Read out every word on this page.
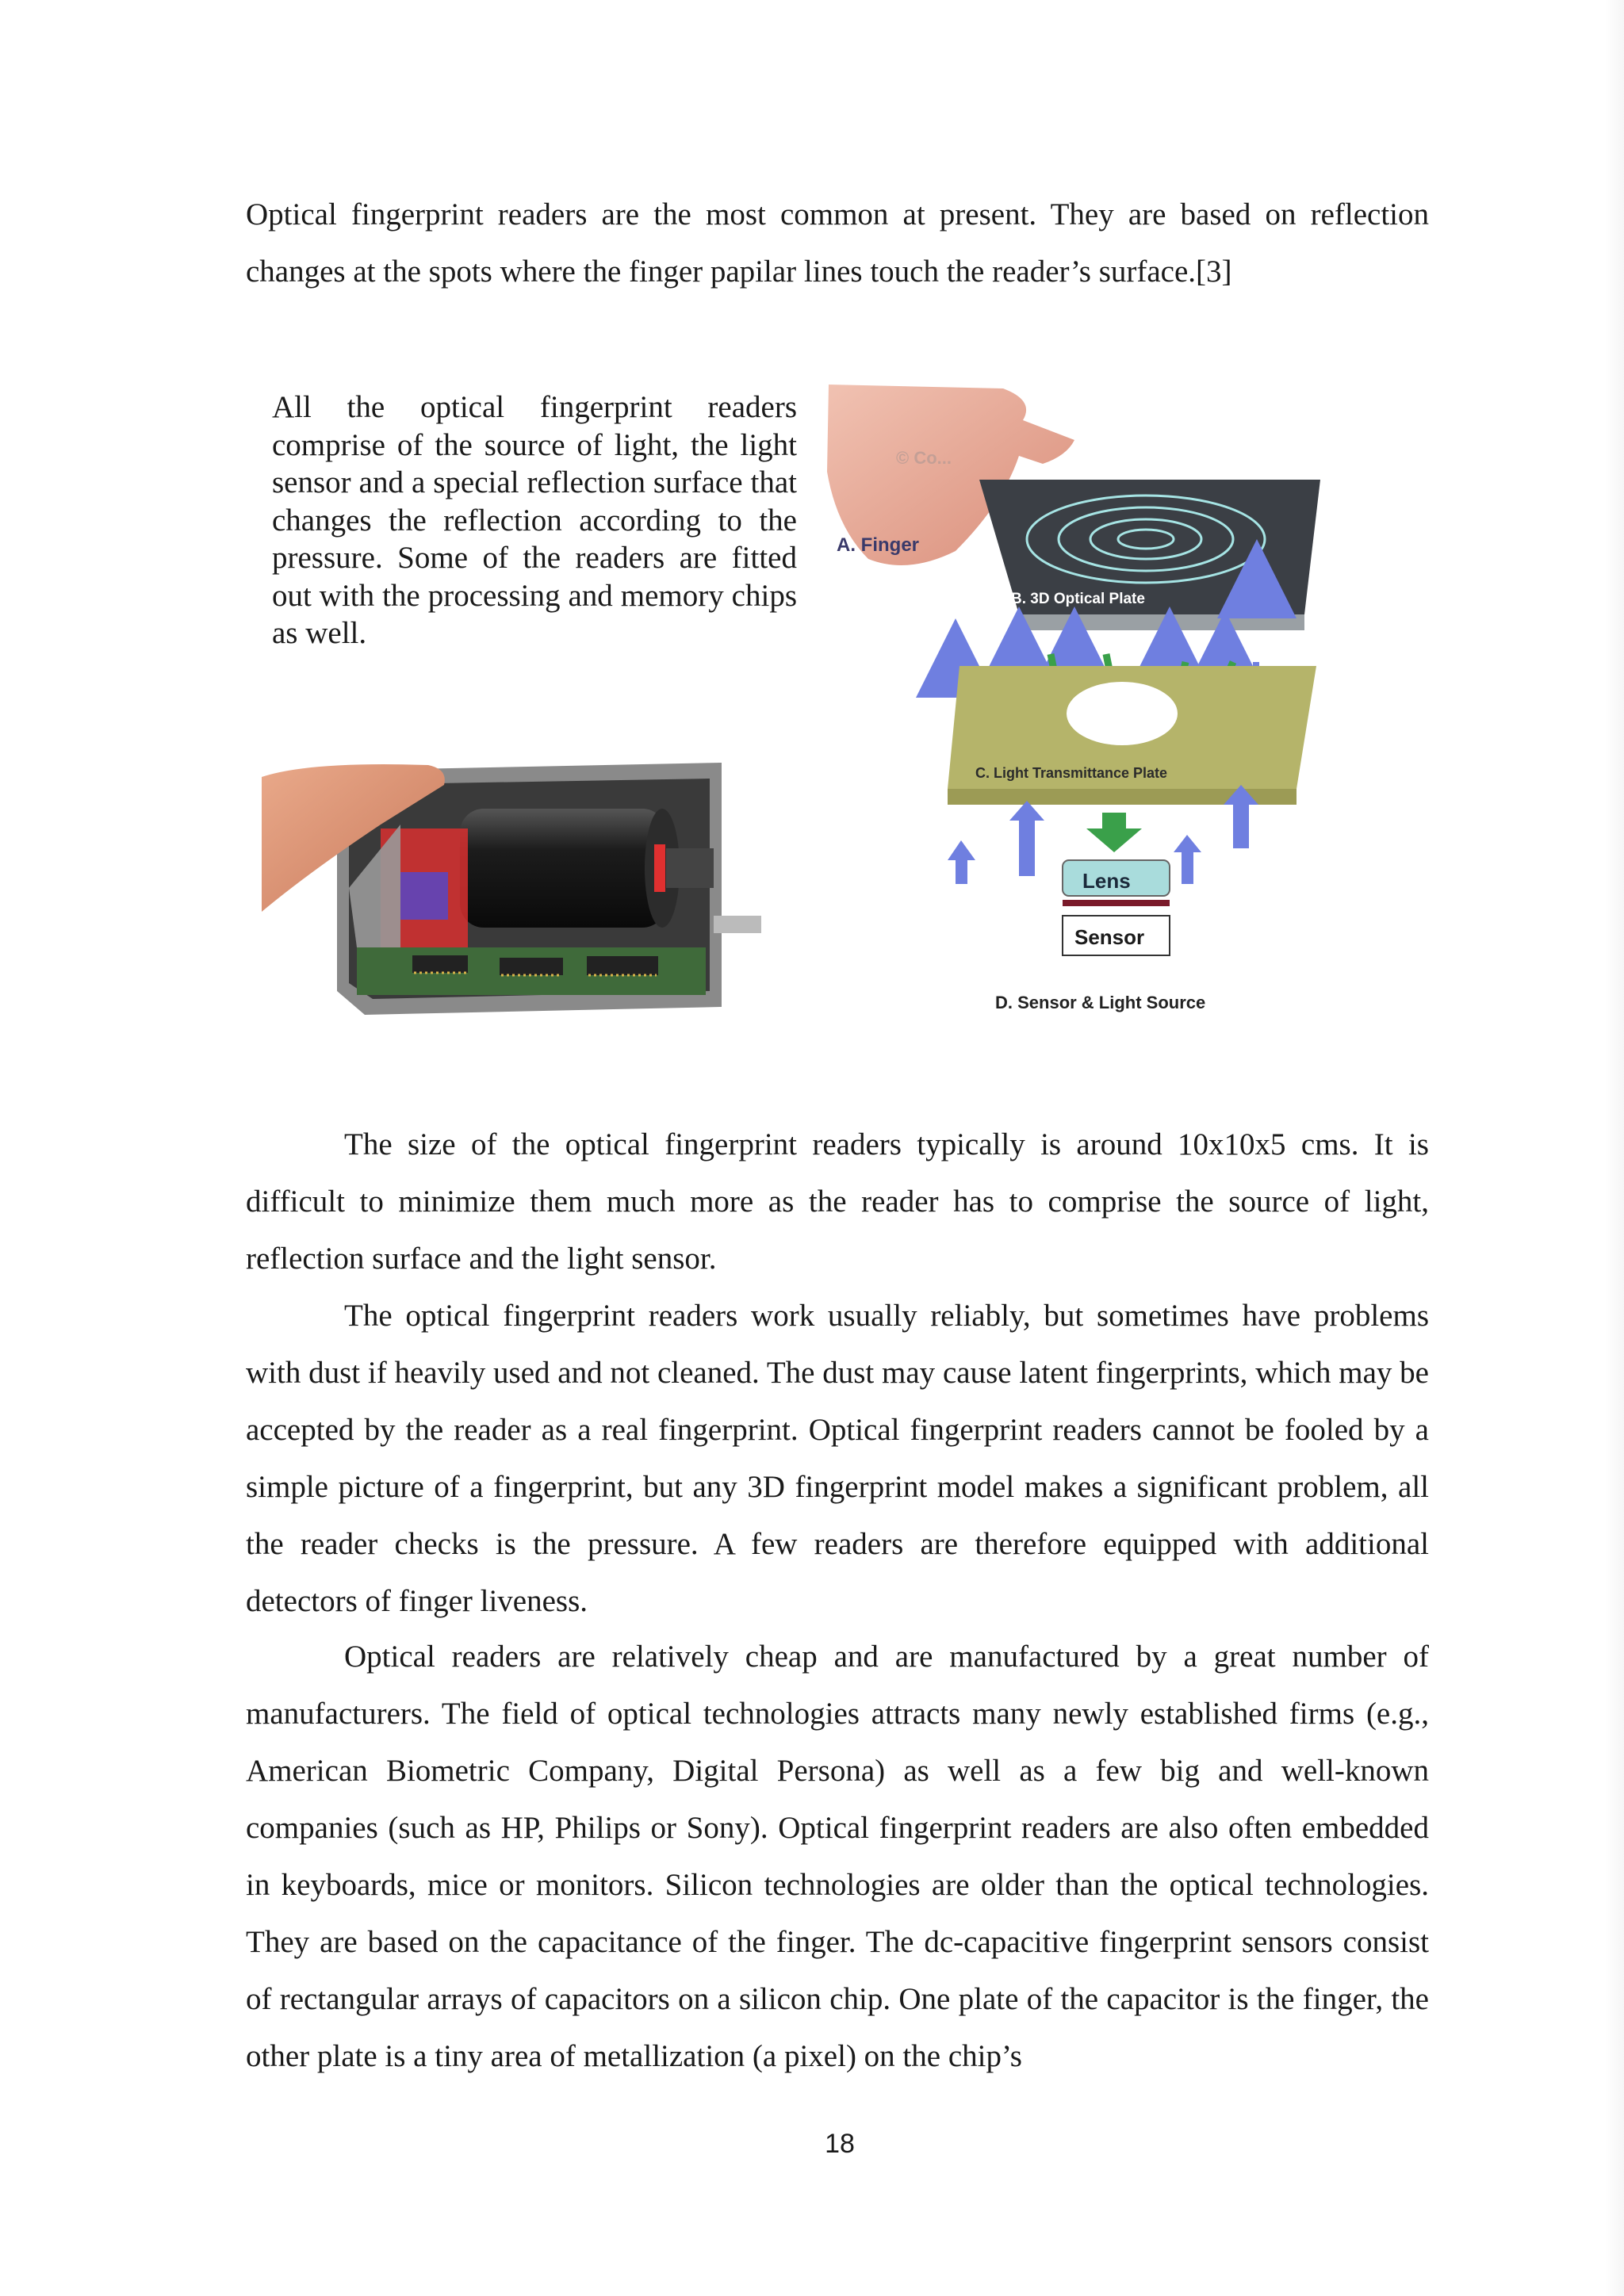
Optical fingerprint readers are the most common at present. They are based on reflection changes at the spots where the finger papilar lines touch the reader’s surface.[3]

All the optical fingerprint readers comprise of the source of light, the light sensor and a special reflection surface that changes the reflection according to the pressure. Some of the readers are fitted out with the processing and memory chips as well.

© Co...
A. Finger
B. 3D Optical Plate
C. Light Transmittance Plate
Lens
Sensor
D. Sensor & Light Source

The size of the optical fingerprint readers typically is around 10x10x5 cms. It is difficult to minimize them much more as the reader has to comprise the source of light, reflection surface and the light sensor.

The optical fingerprint readers work usually reliably, but sometimes have problems with dust if heavily used and not cleaned. The dust may cause latent fingerprints, which may be accepted by the reader as a real fingerprint. Optical fingerprint readers cannot be fooled by a simple picture of a fingerprint, but any 3D fingerprint model makes a significant problem, all the reader checks is the pressure. A few readers are therefore equipped with additional detectors of finger liveness.

Optical readers are relatively cheap and are manufactured by a great number of manufacturers. The field of optical technologies attracts many newly established firms (e.g., American Biometric Company, Digital Persona) as well as a few big and well-known companies (such as HP, Philips or Sony). Optical fingerprint readers are also often embedded in keyboards, mice or monitors. Silicon technologies are older than the optical technologies. They are based on the capacitance of the finger. The dc-capacitive fingerprint sensors consist of rectangular arrays of capacitors on a silicon chip. One plate of the capacitor is the finger, the other plate is a tiny area of metallization (a pixel) on the chip’s

18
